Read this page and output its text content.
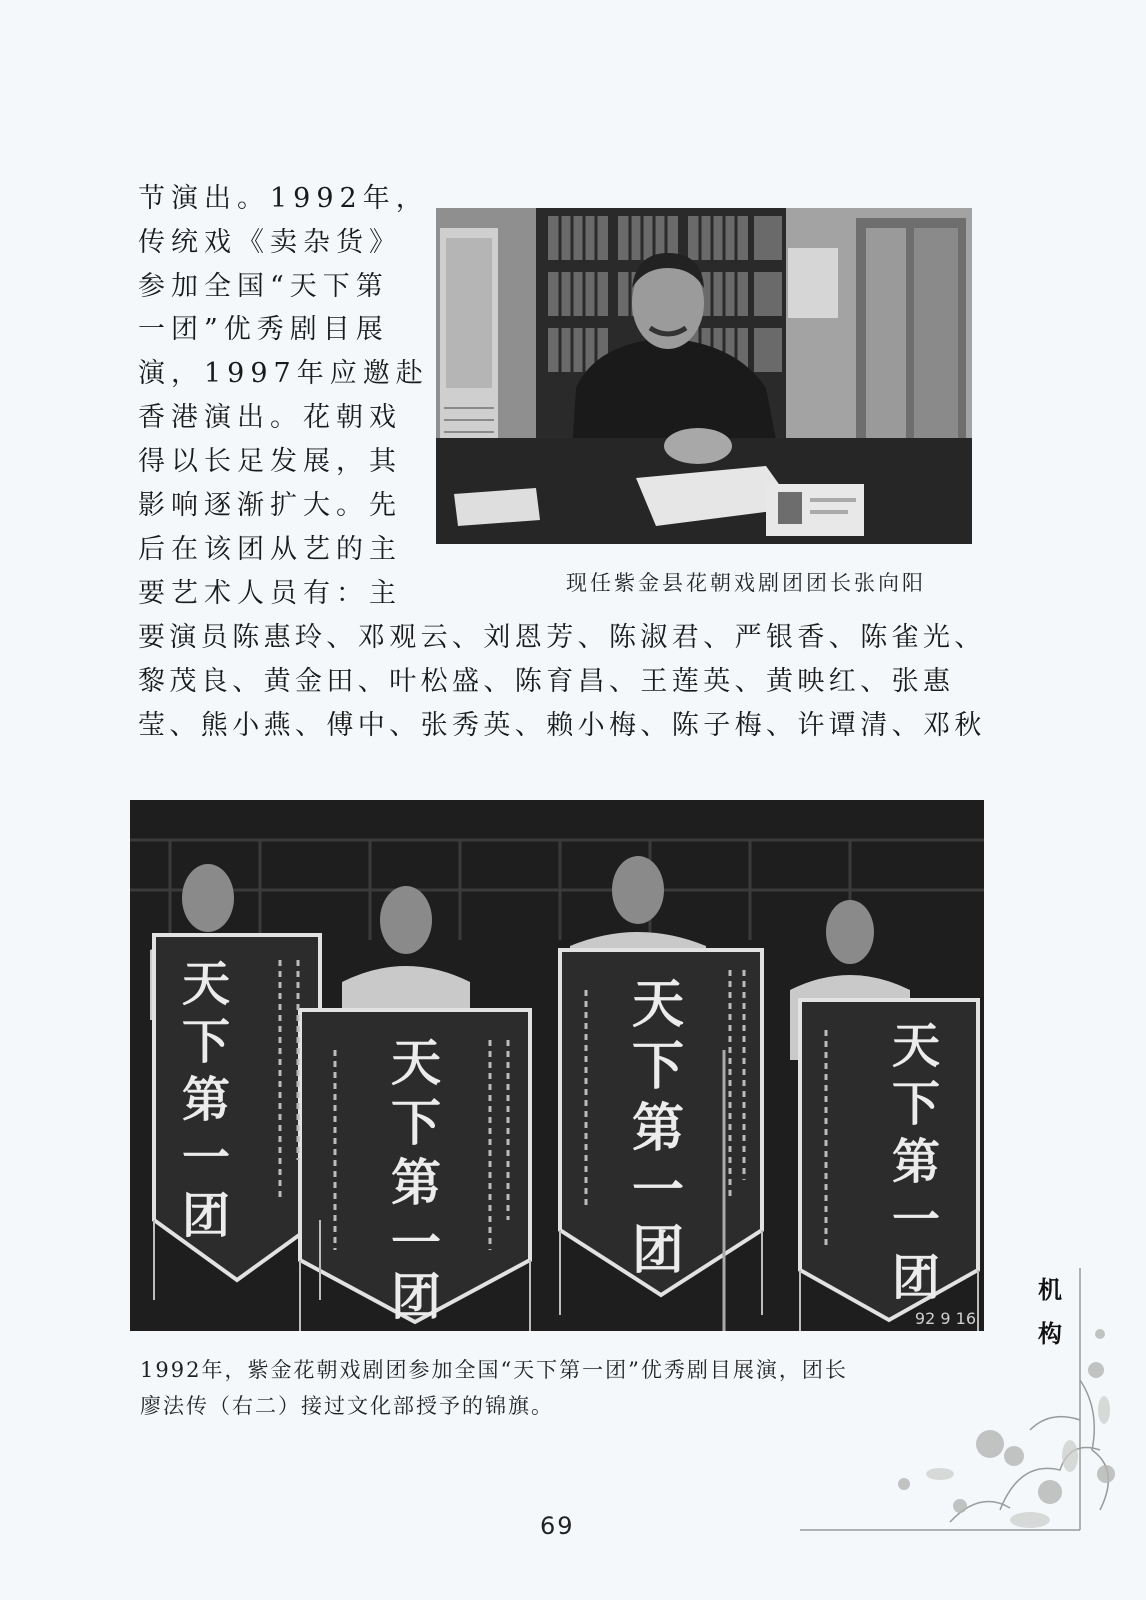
节演出。1992年，
传统戏《卖杂货》
参加全国“天下第
一团”优秀剧目展
演，1997年应邀赴
香港演出。花朝戏
得以长足发展，其
影响逐渐扩大。先
后在该团从艺的主
要艺术人员有：主
要演员陈惠玲、邓观云、刘恩芳、陈淑君、严银香、陈雀光、
黎茂良、黄金田、叶松盛、陈育昌、王莲英、黄映红、张惠
莹、熊小燕、傅中、张秀英、赖小梅、陈子梅、许谭清、邓秋
现任紫金县花朝戏剧团团长张向阳
天
下
第
一
团
天
下
第
一
团
天
下
第
一
团
天
下
第
一
团
92 9 16
1992年，紫金花朝戏剧团参加全国“天下第一团”优秀剧目展演，团长
廖法传（右二）接过文化部授予的锦旗。
机
构
69
